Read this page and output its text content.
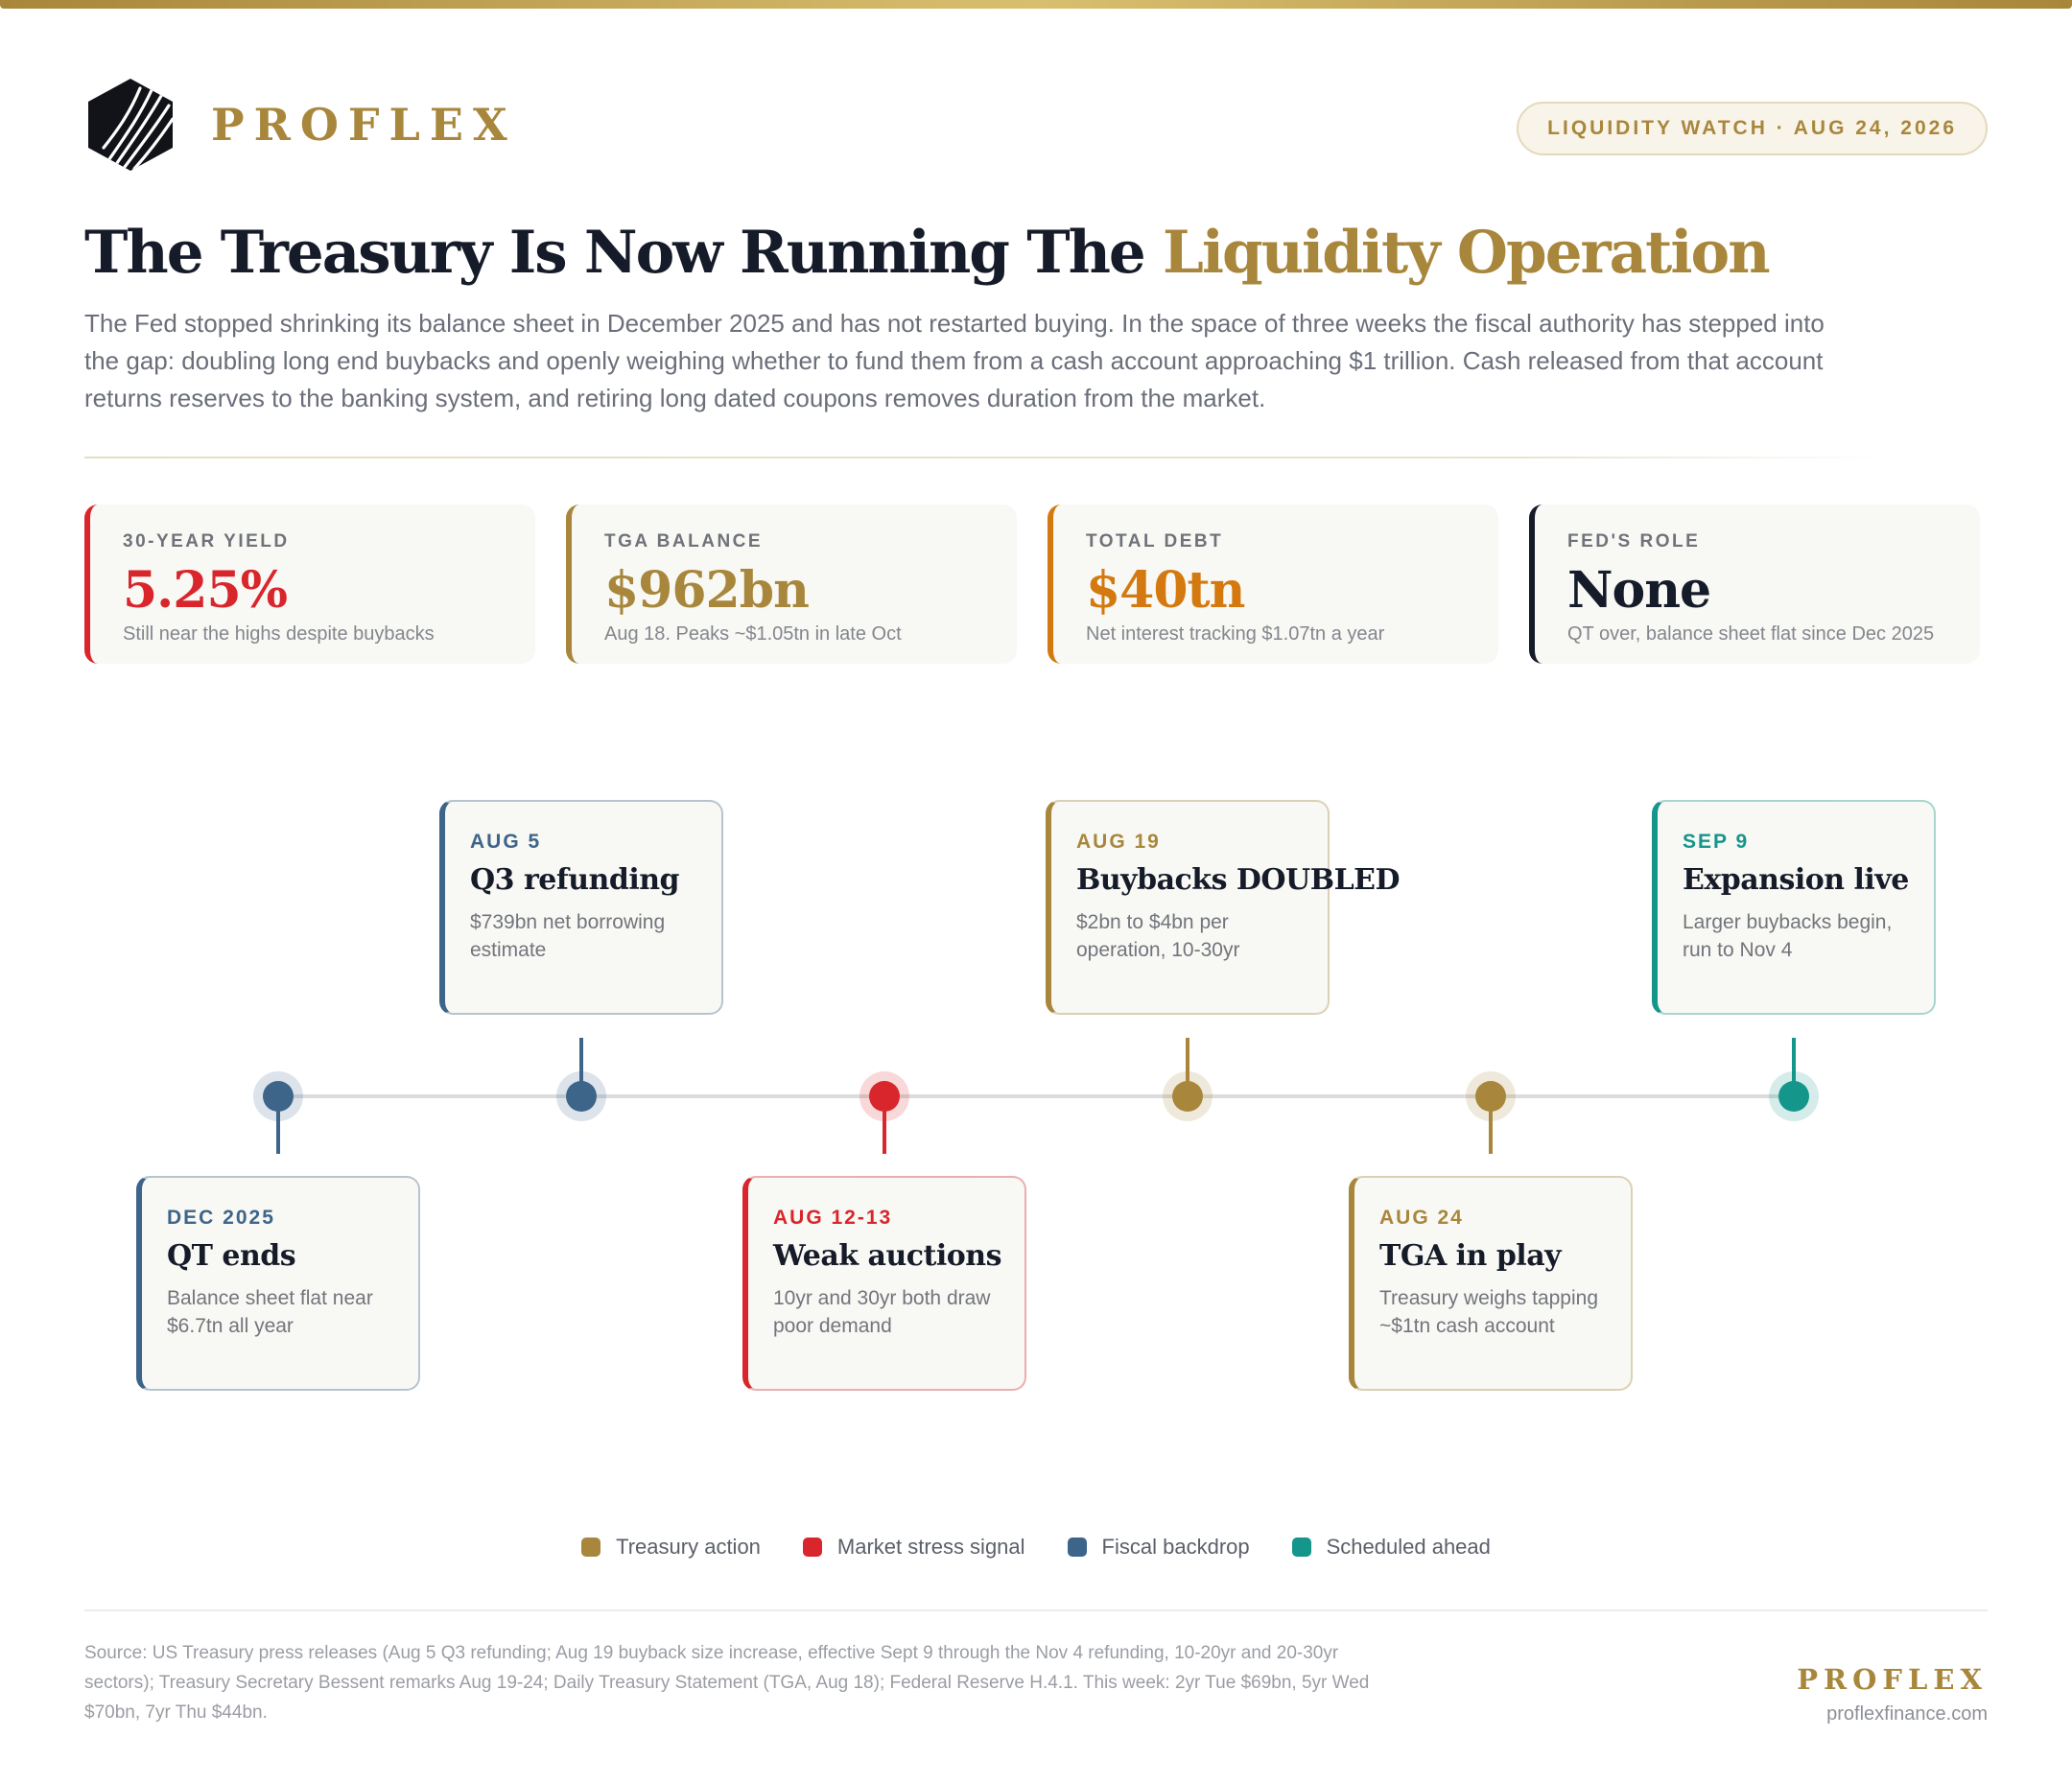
PROFLEX	LIQUIDITY WATCH · AUG 24, 2026
The Treasury Is Now Running The Liquidity Operation
The Fed stopped shrinking its balance sheet in December 2025 and has not restarted buying. In the space of three weeks the fiscal authority has stepped into the gap: doubling long end buybacks and openly weighing whether to fund them from a cash account approaching $1 trillion. Cash released from that account returns reserves to the banking system, and retiring long dated coupons removes duration from the market.
30-YEAR YIELD
5.25%
Still near the highs despite buybacks
TGA BALANCE
$962bn
Aug 18. Peaks ~$1.05tn in late Oct
TOTAL DEBT
$40tn
Net interest tracking $1.07tn a year
FED'S ROLE
None
QT over, balance sheet flat since Dec 2025
DEC 2025
QT ends
Balance sheet flat near $6.7tn all year
AUG 5
Q3 refunding
$739bn net borrowing estimate
AUG 12-13
Weak auctions
10yr and 30yr both draw poor demand
AUG 19
Buybacks DOUBLED
$2bn to $4bn per operation, 10-30yr
AUG 24
TGA in play
Treasury weighs tapping ~$1tn cash account
SEP 9
Expansion live
Larger buybacks begin, run to Nov 4
Treasury action	Market stress signal	Fiscal backdrop	Scheduled ahead
Source: US Treasury press releases (Aug 5 Q3 refunding; Aug 19 buyback size increase, effective Sept 9 through the Nov 4 refunding, 10-20yr and 20-30yr sectors); Treasury Secretary Bessent remarks Aug 19-24; Daily Treasury Statement (TGA, Aug 18); Federal Reserve H.4.1. This week: 2yr Tue $69bn, 5yr Wed $70bn, 7yr Thu $44bn.
PROFLEX
proflexfinance.com
